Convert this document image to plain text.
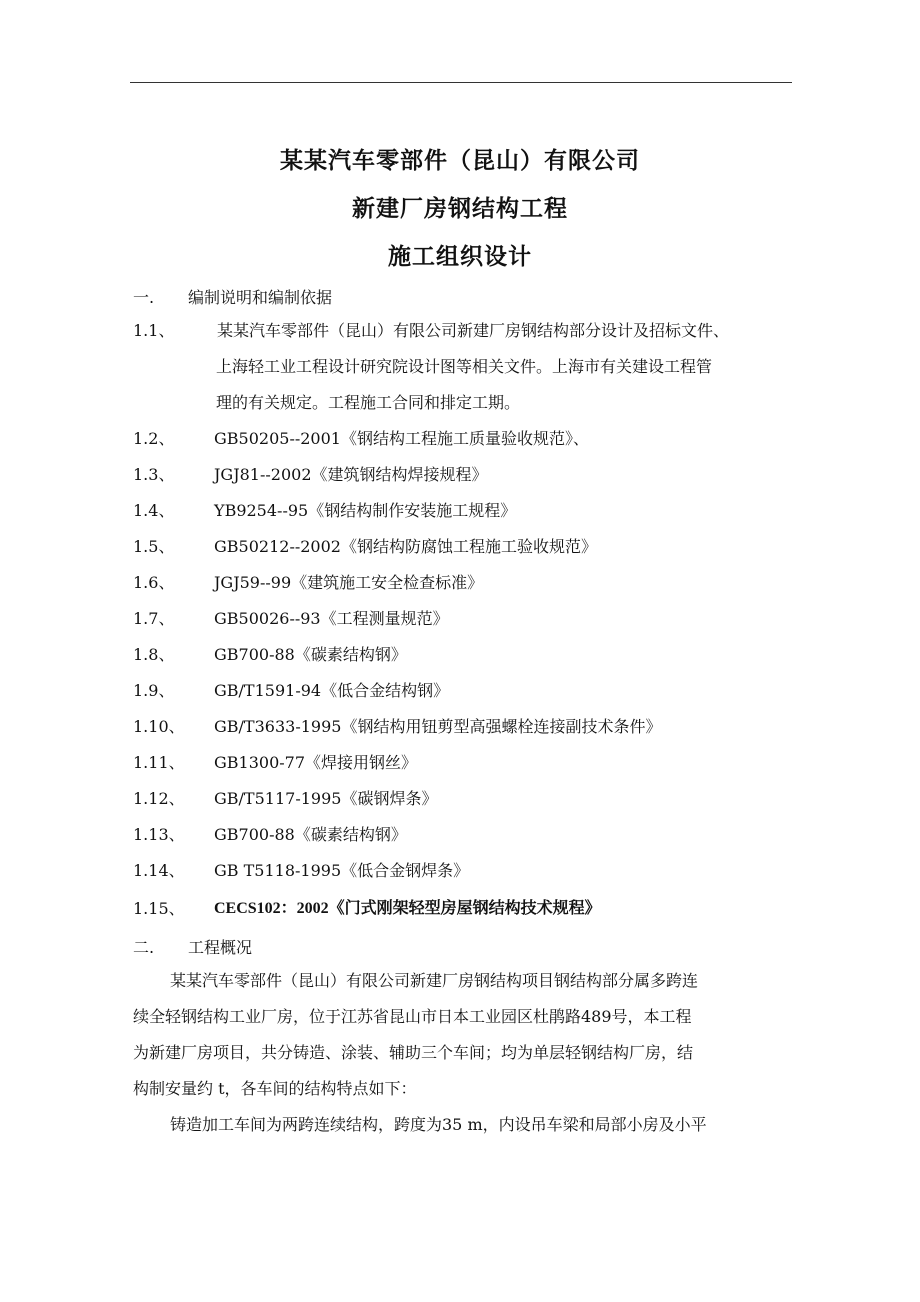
某某汽车零部件（昆山）有限公司
新建厂房钢结构工程
施工组织设计
一. 编制说明和编制依据
1.1、	某某汽车零部件（昆山）有限公司新建厂房钢结构部分设计及招标文件、
上海轻工业工程设计研究院设计图等相关文件。上海市有关建设工程管
理的有关规定。工程施工合同和排定工期。
1.2、 GB50205--2001《钢结构工程施工质量验收规范》、
1.3、 JGJ81--2002《建筑钢结构焊接规程》
1.4、 YB9254--95《钢结构制作安装施工规程》
1.5、 GB50212--2002《钢结构防腐蚀工程施工验收规范》
1.6、 JGJ59--99《建筑施工安全检查标准》
1.7、 GB50026--93《工程测量规范》
1.8、 GB700-88《碳素结构钢》
1.9、 GB/T1591-94《低合金结构钢》
1.10、 GB/T3633-1995《钢结构用钮剪型高强螺栓连接副技术条件》
1.11、 GB1300-77《焊接用钢丝》
1.12、 GB/T5117-1995《碳钢焊条》
1.13、 GB700-88《碳素结构钢》
1.14、 GB T5118-1995《低合金钢焊条》
1.15、 CECS102：2002《门式刚架轻型房屋钢结构技术规程》
二. 工程概况
某某汽车零部件（昆山）有限公司新建厂房钢结构项目钢结构部分属多跨连
续全轻钢结构工业厂房，位于江苏省昆山市日本工业园区杜鹃路489号，本工程
为新建厂房项目，共分铸造、涂装、辅助三个车间；均为单层轻钢结构厂房，结
构制安量约 t，各车间的结构特点如下：
铸造加工车间为两跨连续结构，跨度为35 m，内设吊车梁和局部小房及小平
